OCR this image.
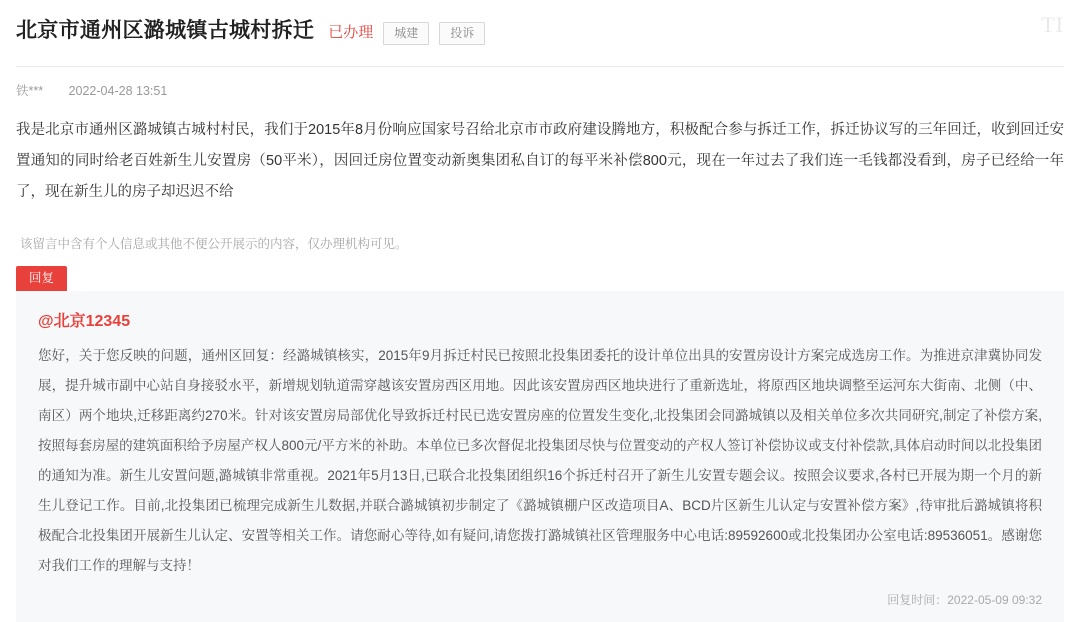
北京市通州区潞城镇古城村拆迁 已办理	城建	投诉	TI
铁*** 2022-04-28 13:51
我是北京市通州区潞城镇古城村村民，我们于2015年8月份响应国家号召给北京市市政府建设腾地方，积极配合参与拆迁工作，拆迁协议写的三年回迁，收到回迁安置通知的同时给老百姓新生儿安置房（50平米），因回迁房位置变动新奥集团私自订的每平米补偿800元，现在一年过去了我们连一毛钱都没看到，房子已经给一年了，现在新生儿的房子却迟迟不给
该留言中含有个人信息或其他不便公开展示的内容，仅办理机构可见。
回复
@北京12345
您好，关于您反映的问题，通州区回复：经潞城镇核实，2015年9月拆迁村民已按照北投集团委托的设计单位出具的安置房设计方案完成选房工作。为推进京津冀协同发展，提升城市副中心站自身接驳水平，新增规划轨道需穿越该安置房西区用地。因此该安置房西区地块进行了重新选址，将原西区地块调整至运河东大街南、北侧（中、南区）两个地块,迁移距离约270米。针对该安置房局部优化导致拆迁村民已选安置房座的位置发生变化,北投集团会同潞城镇以及相关单位多次共同研究,制定了补偿方案,按照每套房屋的建筑面积给予房屋产权人800元/平方米的补助。本单位已多次督促北投集团尽快与位置变动的产权人签订补偿协议或支付补偿款,具体启动时间以北投集团的通知为准。新生儿安置问题,潞城镇非常重视。2021年5月13日,已联合北投集团组织16个拆迁村召开了新生儿安置专题会议。按照会议要求,各村已开展为期一个月的新生儿登记工作。目前,北投集团已梳理完成新生儿数据,并联合潞城镇初步制定了《潞城镇棚户区改造项目A、BCD片区新生儿认定与安置补偿方案》,待审批后潞城镇将积极配合北投集团开展新生儿认定、安置等相关工作。请您耐心等待,如有疑问,请您拨打潞城镇社区管理服务中心电话:89592600或北投集团办公室电话:89536051。感谢您对我们工作的理解与支持！
回复时间：2022-05-09 09:32
